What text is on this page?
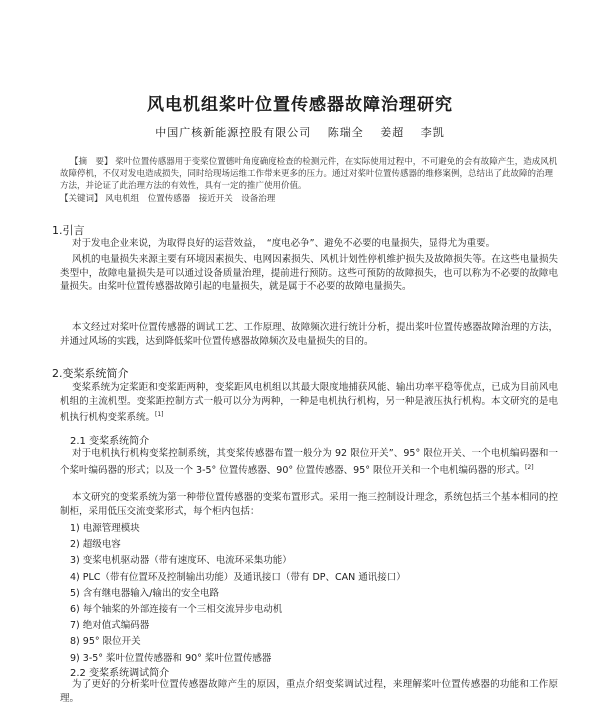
风电机组桨叶位置传感器故障治理研究
中国广核新能源控股有限公司 陈瑞全 姜超 李凯
【摘　要】 桨叶位置传感器用于变桨位置德叶角度确度检查的检测元件，在实际使用过程中，不可避免的会有故障产生，造成风机故障停机，不仅对发电造成损失，同时给现场运维工作带来更多的压力。通过对桨叶位置传感器的维修案例，总结出了此故障的治理方法，并论证了此治理方法的有效性，具有一定的推广使用价值。
【关键词】 风电机组　位置传感器　接近开关　设备治理
1.引言
对于发电企业来说，为取得良好的运营效益，　“度电必争”、避免不必要的电量损失，显得尤为重要。
风机的电量损失来源主要有环境因素损失、电网因素损失、风机计划性停机维护损失及故障损失等。在这些电量损失类型中，故障电量损失是可以通过设备质量治理，提前进行预防。这些可预防的故障损失，也可以称为不必要的故障电量损失。由桨叶位置传感器故障引起的电量损失，就是属于不必要的故障电量损失。
本文经过对桨叶位置传感器的调试工艺、工作原理、故障频次进行统计分析，提出桨叶位置传感器故障治理的方法，并通过风场的实践，达到降低桨叶位置传感器故障频次及电量损失的目的。
2.变桨系统简介
变桨系统为定桨距和变桨距两种，变桨距风电机组以其最大限度地捕获风能、输出功率平稳等优点，已成为目前风电机组的主流机型。变桨距控制方式一般可以分为两种，一种是电机执行机构，另一种是液压执行机构。本文研究的是电机执行机构变桨系统。[1]
2.1 变桨系统简介
对于电机执行机构变桨控制系统，其变桨传感器布置一般分为 92 限位开关”、95° 限位开关、一个电机编码器和一个桨叶编码器的形式；以及一个 3-5° 位置传感器、90° 位置传感器、95° 限位开关和一个电机编码器的形式。[2]
本文研究的变桨系统为第一种带位置传感器的变桨布置形式。采用一拖三控制设计理念，系统包括三个基本相同的控制柜，采用低压交流变桨形式，每个柜内包括：
1) 电源管理模块
2) 超级电容
3) 变桨电机驱动器（带有速度环、电流环采集功能）
4) PLC（带有位置环及控制输出功能）及通讯接口（带有 DP、CAN 通讯接口）
5) 含有继电器输入/输出的安全电路
6) 每个轴桨的外部连接有一个三相交流异步电动机
7) 绝对值式编码器
8) 95° 限位开关
9) 3-5° 桨叶位置传感器和 90° 桨叶位置传感器
2.2 变桨系统调试简介
为了更好的分析桨叶位置传感器故障产生的原因，重点介绍变桨调试过程，来理解桨叶位置传感器的功能和工作原理。
